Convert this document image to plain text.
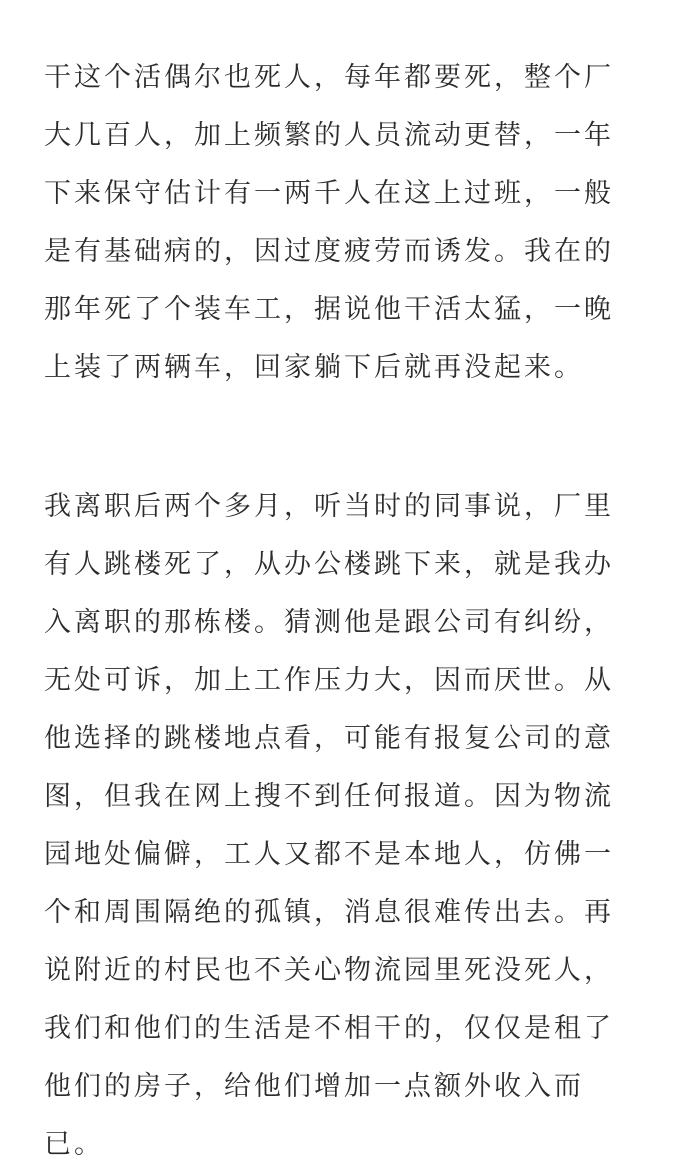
干这个活偶尔也死人，每年都要死，整个厂
大几百人，加上频繁的人员流动更替，一年
下来保守估计有一两千人在这上过班，一般
是有基础病的，因过度疲劳而诱发。我在的
那年死了个装车工，据说他干活太猛，一晚
上装了两辆车，回家躺下后就再没起来。
我离职后两个多月，听当时的同事说，厂里
有人跳楼死了，从办公楼跳下来，就是我办
入离职的那栋楼。猜测他是跟公司有纠纷，
无处可诉，加上工作压力大，因而厌世。从
他选择的跳楼地点看，可能有报复公司的意
图，但我在网上搜不到任何报道。因为物流
园地处偏僻，工人又都不是本地人，仿佛一
个和周围隔绝的孤镇，消息很难传出去。再
说附近的村民也不关心物流园里死没死人，
我们和他们的生活是不相干的，仅仅是租了
他们的房子，给他们增加一点额外收入而
已。
